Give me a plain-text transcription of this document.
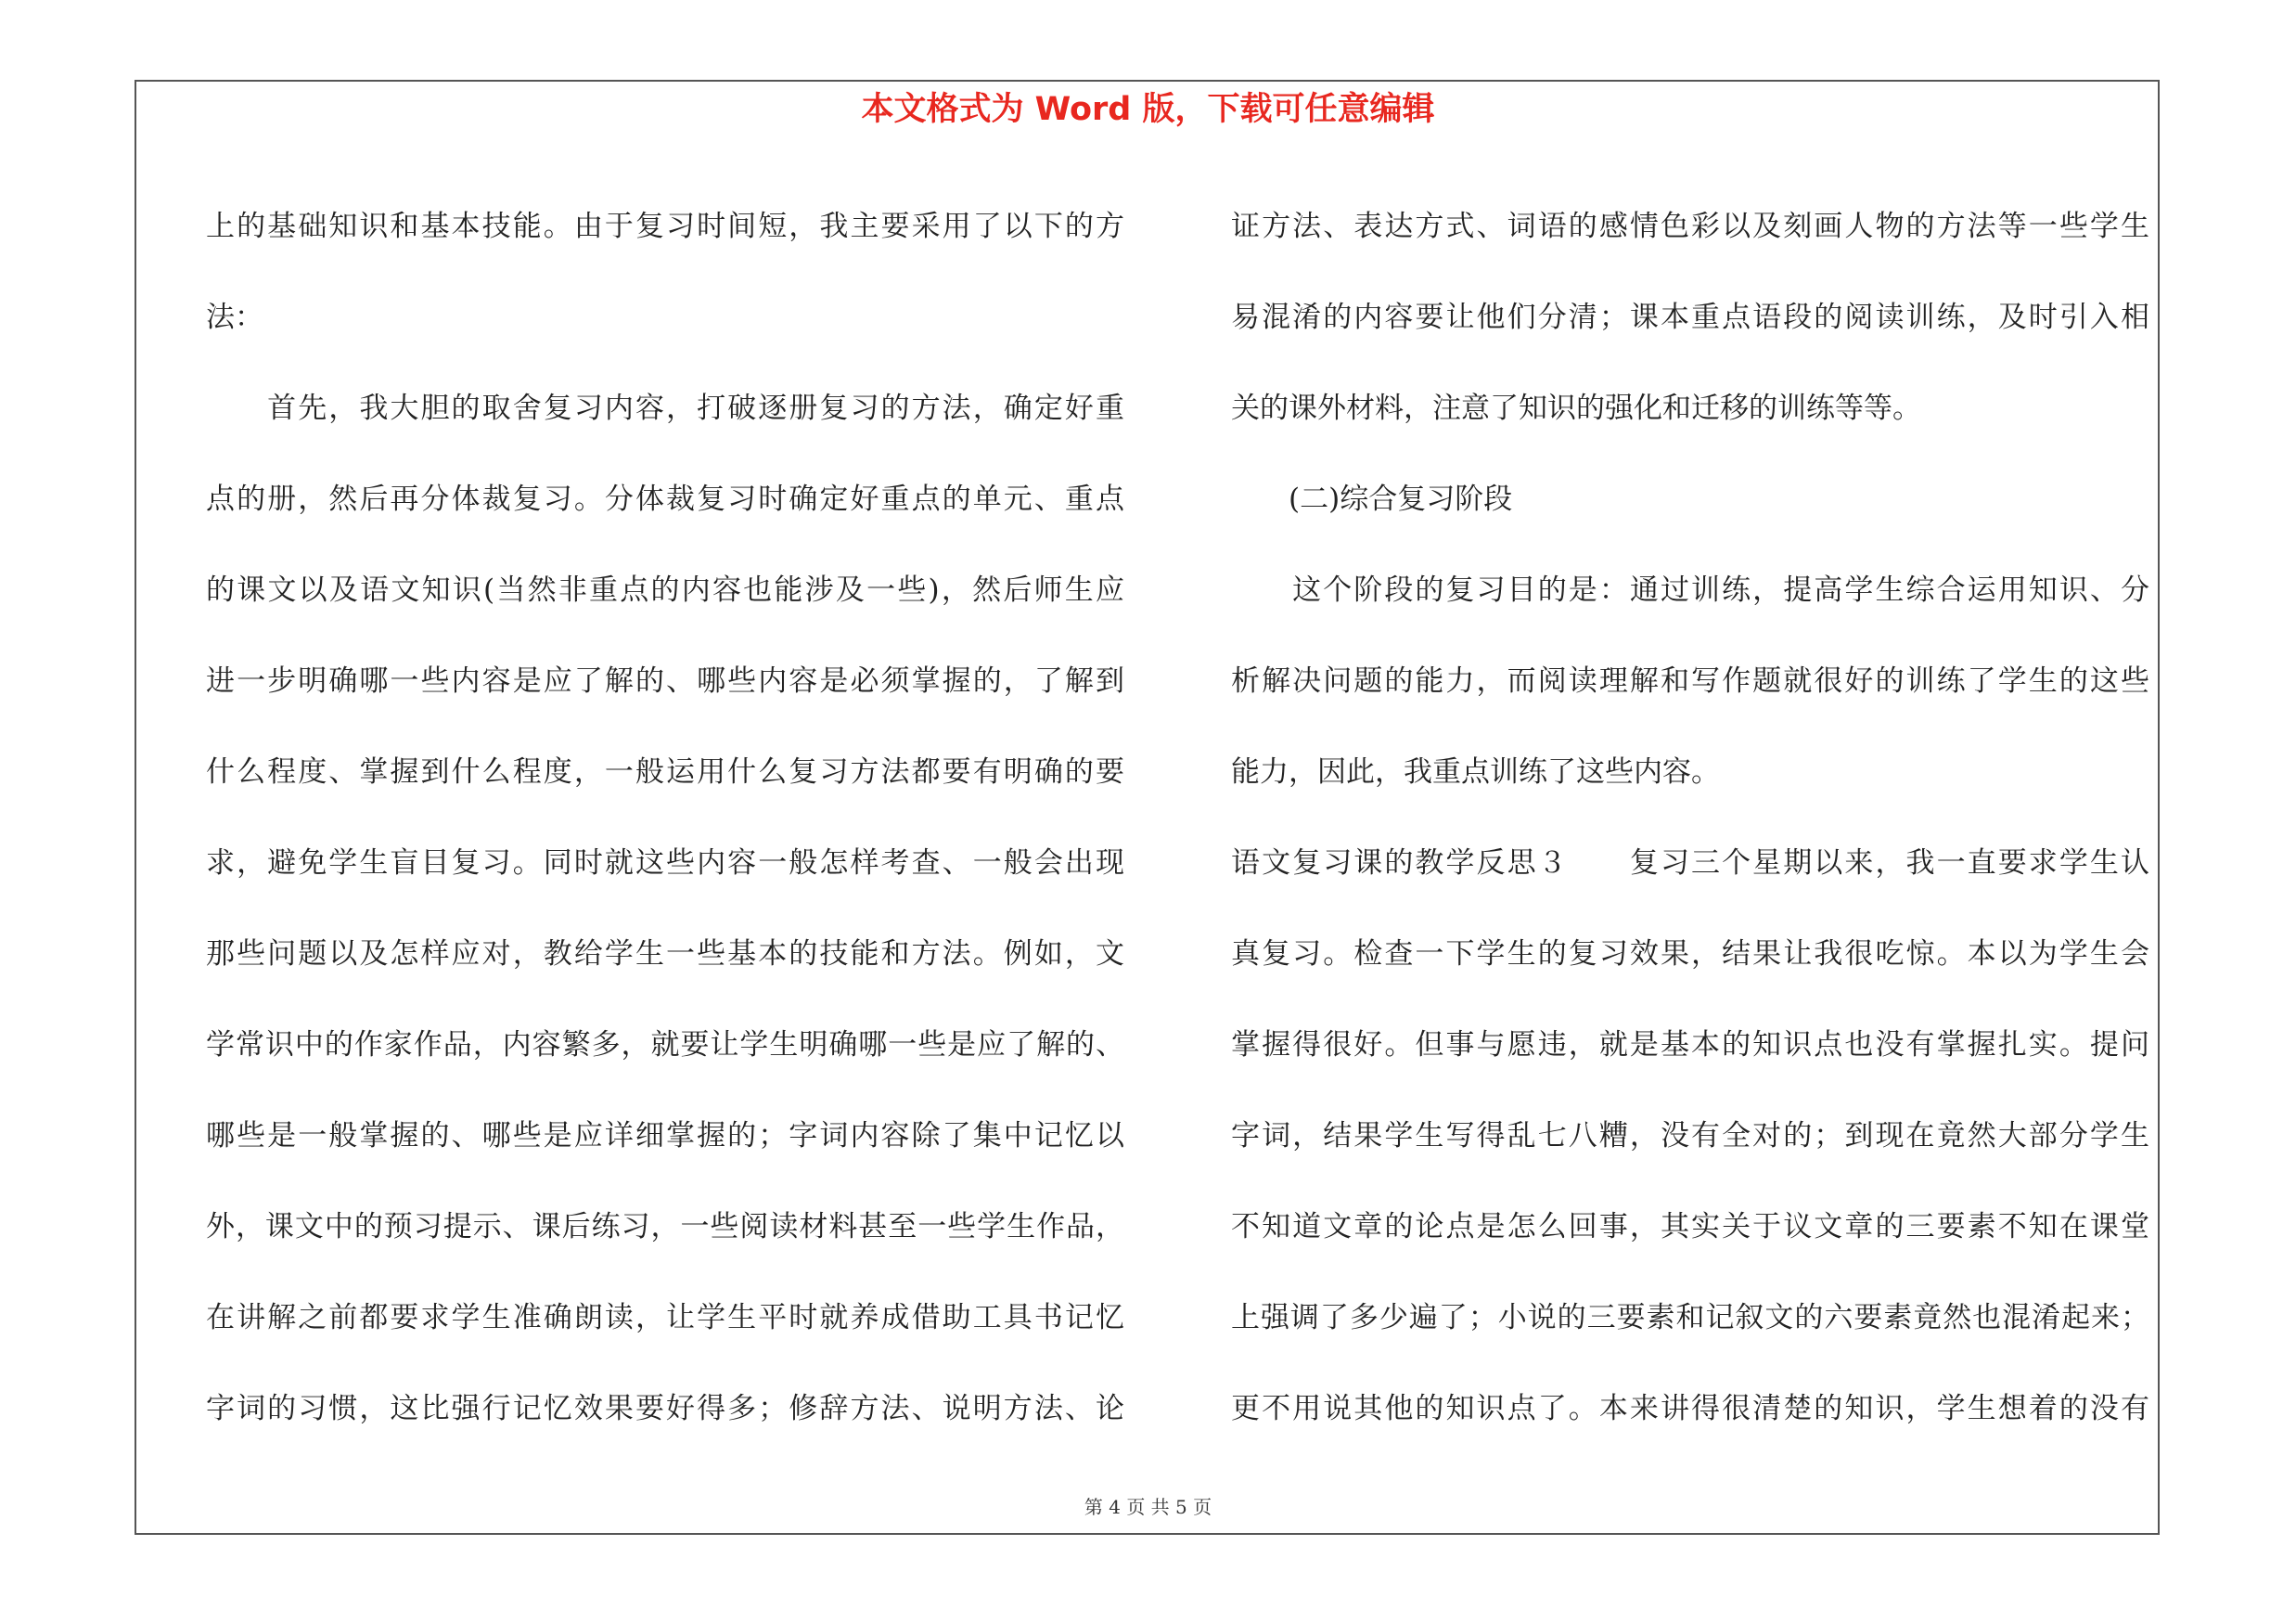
本文格式为 Word 版，下载可任意编辑
上的基础知识和基本技能。由于复习时间短，我主要采用了以下的方
法：
　　首先，我大胆的取舍复习内容，打破逐册复习的方法，确定好重
点的册，然后再分体裁复习。分体裁复习时确定好重点的单元、重点
的课文以及语文知识(当然非重点的内容也能涉及一些)，然后师生应
进一步明确哪一些内容是应了解的、哪些内容是必须掌握的，了解到
什么程度、掌握到什么程度，一般运用什么复习方法都要有明确的要
求，避免学生盲目复习。同时就这些内容一般怎样考查、一般会出现
那些问题以及怎样应对，教给学生一些基本的技能和方法。例如，文
学常识中的作家作品，内容繁多，就要让学生明确哪一些是应了解的、
哪些是一般掌握的、哪些是应详细掌握的；字词内容除了集中记忆以
外，课文中的预习提示、课后练习，一些阅读材料甚至一些学生作品，
在讲解之前都要求学生准确朗读，让学生平时就养成借助工具书记忆
字词的习惯，这比强行记忆效果要好得多；修辞方法、说明方法、论
证方法、表达方式、词语的感情色彩以及刻画人物的方法等一些学生
易混淆的内容要让他们分清；课本重点语段的阅读训练，及时引入相
关的课外材料，注意了知识的强化和迁移的训练等等。
　　(二)综合复习阶段
　　这个阶段的复习目的是：通过训练，提高学生综合运用知识、分
析解决问题的能力，而阅读理解和写作题就很好的训练了学生的这些
能力，因此，我重点训练了这些内容。
语文复习课的教学反思３　　复习三个星期以来，我一直要求学生认
真复习。检查一下学生的复习效果，结果让我很吃惊。本以为学生会
掌握得很好。但事与愿违，就是基本的知识点也没有掌握扎实。提问
字词，结果学生写得乱七八糟，没有全对的；到现在竟然大部分学生
不知道文章的论点是怎么回事，其实关于议文章的三要素不知在课堂
上强调了多少遍了；小说的三要素和记叙文的六要素竟然也混淆起来；
更不用说其他的知识点了。本来讲得很清楚的知识，学生想着的没有
第 4 页 共 5 页
